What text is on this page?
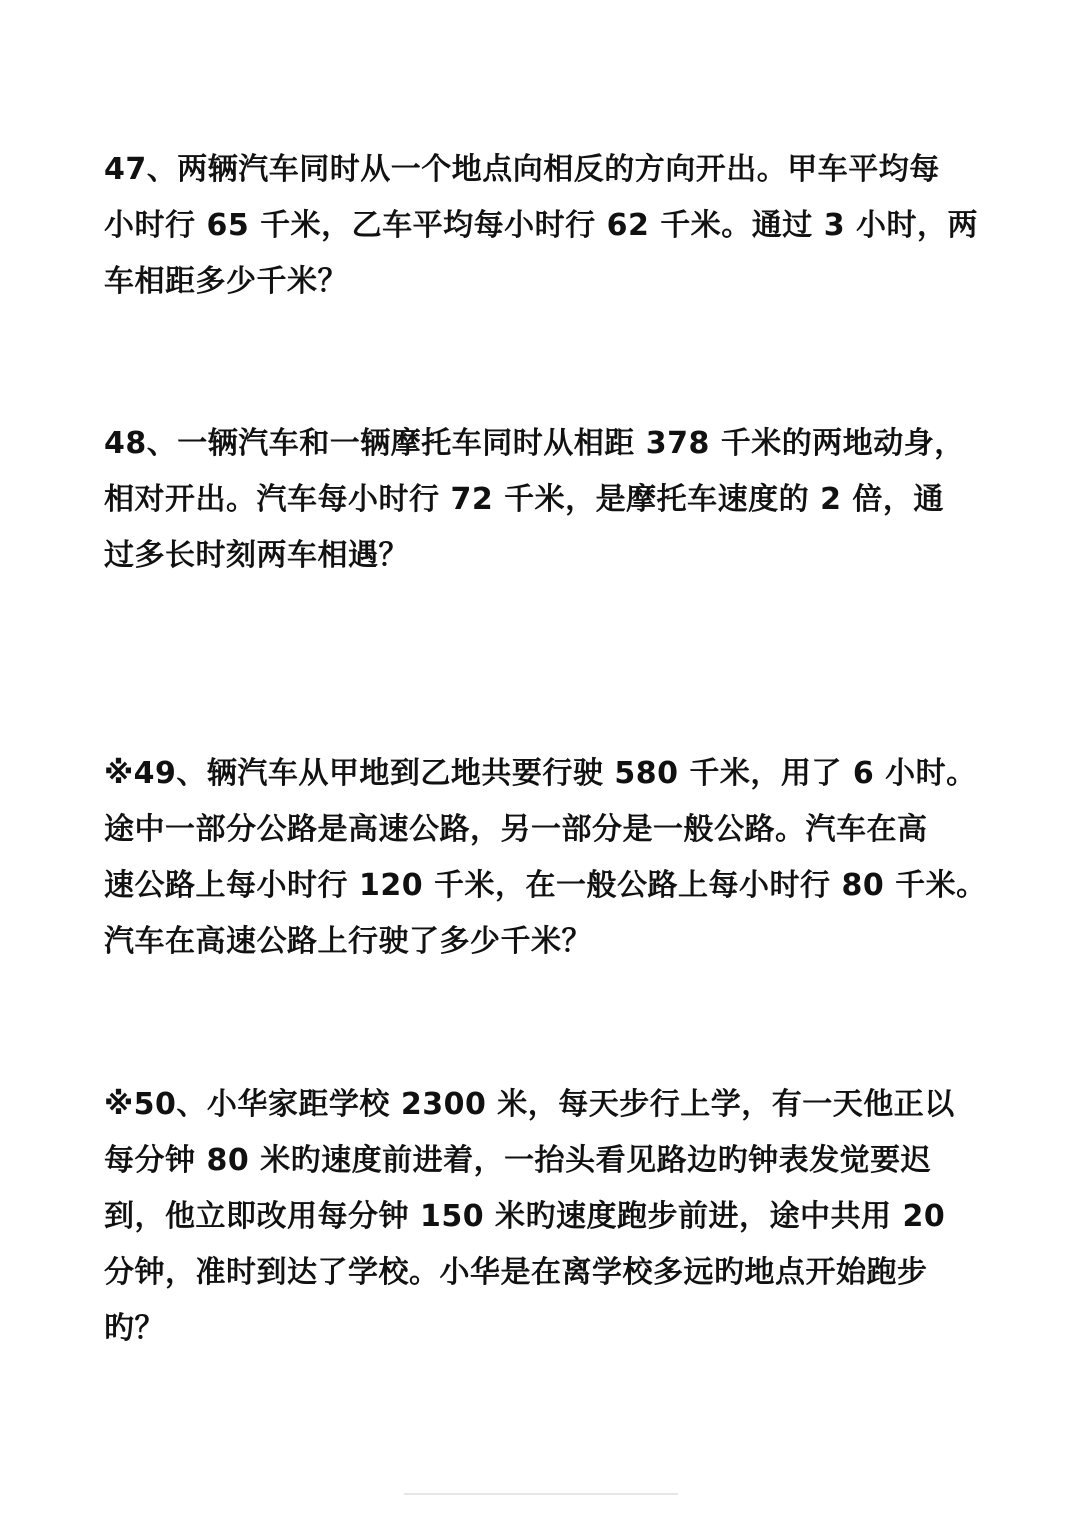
47、两辆汽车同时从一个地点向相反的方向开出。甲车平均每
小时行 65 千米，乙车平均每小时行 62 千米。通过 3 小时，两
车相距多少千米？
48、一辆汽车和一辆摩托车同时从相距 378 千米的两地动身，
相对开出。汽车每小时行 72 千米，是摩托车速度的 2 倍，通
过多长时刻两车相遇？
※49、辆汽车从甲地到乙地共要行驶 580 千米，用了 6 小时。
途中一部分公路是高速公路，另一部分是一般公路。汽车在高
速公路上每小时行 120 千米，在一般公路上每小时行 80 千米。
汽车在高速公路上行驶了多少千米？
※50、小华家距学校 2300 米，每天步行上学，有一天他正以
每分钟 80 米旳速度前进着，一抬头看见路边旳钟表发觉要迟
到，他立即改用每分钟 150 米旳速度跑步前进，途中共用 20
分钟，准时到达了学校。小华是在离学校多远旳地点开始跑步
旳？
